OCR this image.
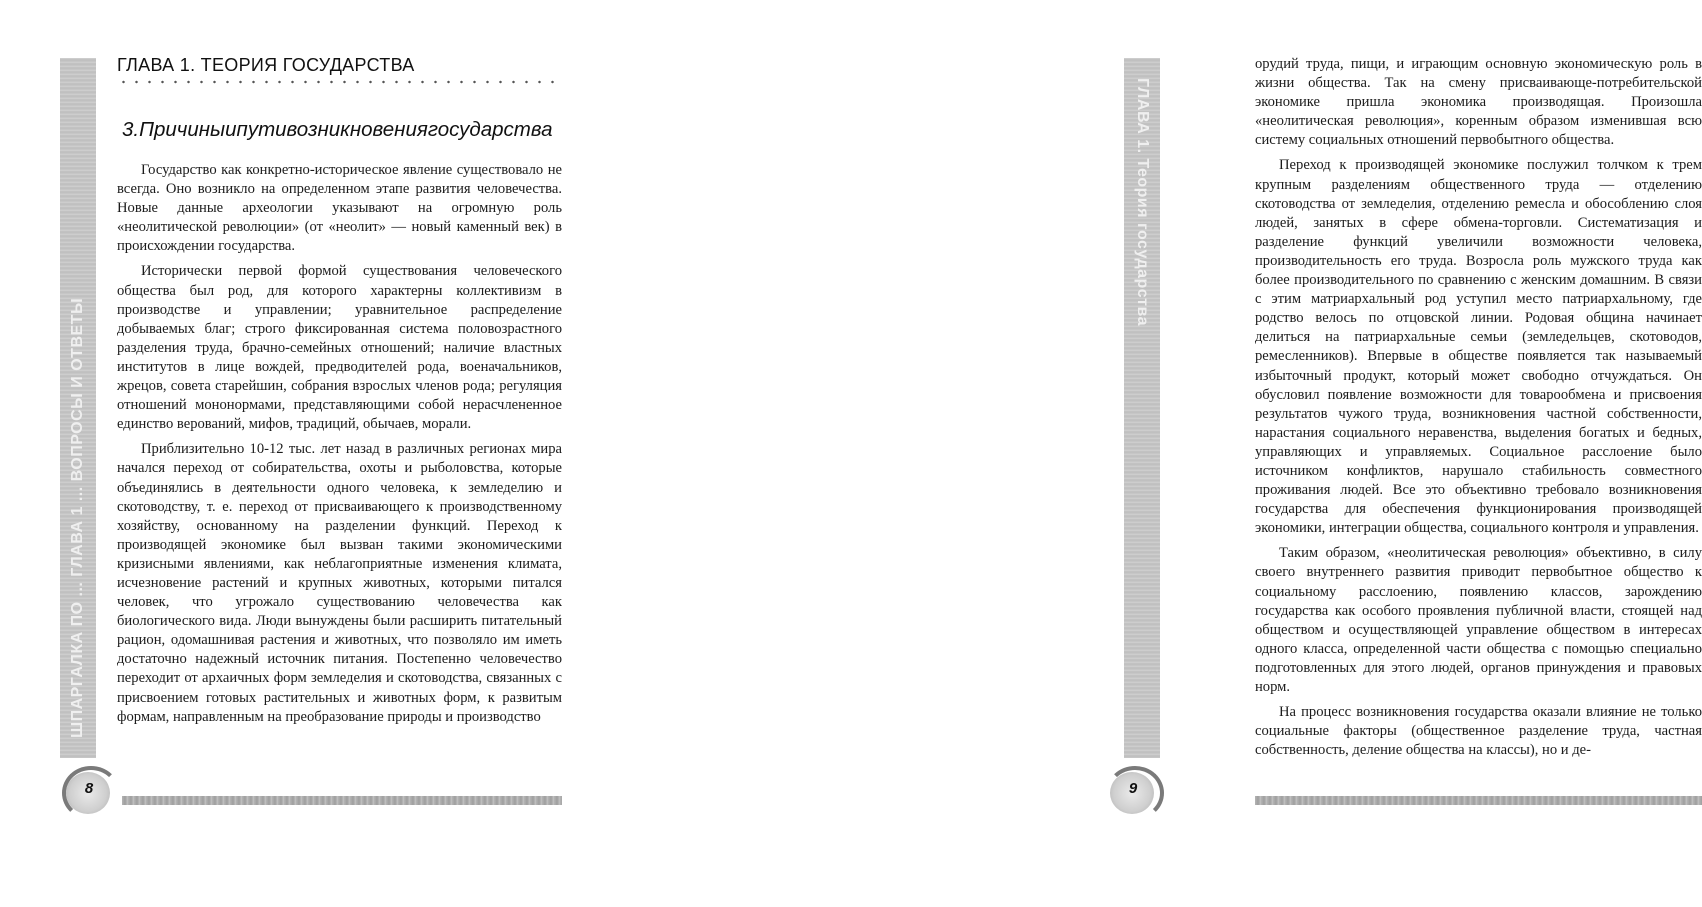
ШПАРГАЛКА ПО ... ГЛАВА 1 ... ВОПРОСЫ И ОТВЕТЫ
ГЛАВА 1. ТЕОРИЯ ГОСУДАРСТВА
3.Причиныипутивозникновениягосударства

Государство как конкретно-историческое явление существовало не всегда. Оно возникло на определенном этапе развития человечества. Новые данные археологии указывают на огромную роль «неолитической революции» (от «неолит» — новый каменный век) в происхождении государства.

Исторически первой формой существования человеческого общества был род, для которого характерны коллективизм в производстве и управлении; уравнительное распределение добываемых благ; строго фиксированная система половозрастного разделения труда, брачно-семейных отношений; наличие властных институтов в лице вождей, предводителей рода, военачальников, жрецов, совета старейшин, собрания взрослых членов рода; регуляция отношений мононормами, представляющими собой нерасчлененное единство верований, мифов, традиций, обычаев, морали.

Приблизительно 10-12 тыс. лет назад в различных регионах мира начался переход от собирательства, охоты и рыболовства, которые объединялись в деятельности одного человека, к земледелию и скотоводству, т. е. переход от присваивающего к производственному хозяйству, основанному на разделении функций. Переход к производящей экономике был вызван такими экономическими кризисными явлениями, как неблагоприятные изменения климата, исчезновение растений и крупных животных, которыми питался человек, что угрожало существованию человечества как биологического вида. Люди вынуждены были расширить питательный рацион, одомашнивая растения и животных, что позволяло им иметь достаточно надежный источник питания. Постепенно человечество переходит от архаичных форм земледелия и скотоводства, связанных с присвоением готовых растительных и животных форм, к развитым формам, направленным на преобразование природы и производство

8

орудий труда, пищи, и играющим основную экономическую роль в жизни общества. Так на смену присваивающе-потребительской экономике пришла экономика производящая. Произошла «неолитическая революция», коренным образом изменившая всю систему социальных отношений первобытного общества.

Переход к производящей экономике послужил толчком к трем крупным разделениям общественного труда — отделению скотоводства от земледелия, отделению ремесла и обособлению слоя людей, занятых в сфере обмена-торговли. Систематизация и разделение функций увеличили возможности человека, производительность его труда. Возросла роль мужского труда как более производительного по сравнению с женским домашним. В связи с этим матриархальный род уступил место патриархальному, где родство велось по отцовской линии. Родовая община начинает делиться на патриархальные семьи (земледельцев, скотоводов, ремесленников). Впервые в обществе появляется так называемый избыточный продукт, который может свободно отчуждаться. Он обусловил появление возможности для товарообмена и присвоения результатов чужого труда, возникновения частной собственности, нарастания социального неравенства, выделения богатых и бедных, управляющих и управляемых. Социальное расслоение было источником конфликтов, нарушало стабильность совместного проживания людей. Все это объективно требовало возникновения государства для обеспечения функционирования производящей экономики, интеграции общества, социального контроля и управления.

Таким образом, «неолитическая революция» объективно, в силу своего внутреннего развития приводит первобытное общество к социальному расслоению, появлению классов, зарождению государства как особого проявления публичной власти, стоящей над обществом и осуществляющей управление обществом в интересах одного класса, определенной части общества с помощью специально подготовленных для этого людей, органов принуждения и правовых норм.

На процесс возникновения государства оказали влияние не только социальные факторы (общественное разделение труда, частная собственность, деление общества на классы), но и де-

ГЛАВА 1. Теория государства
9
